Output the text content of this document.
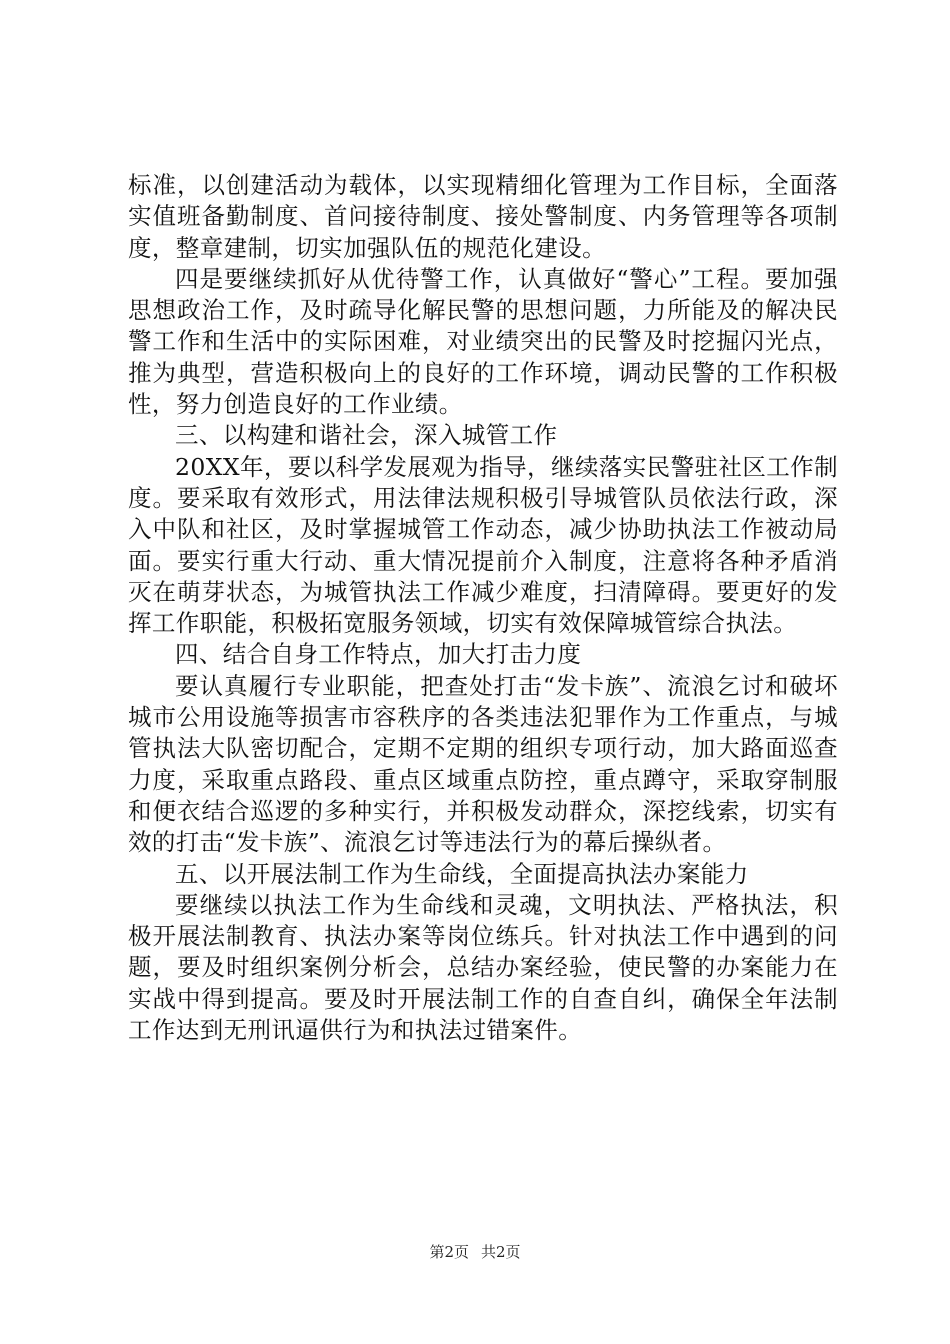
标准，以创建活动为载体，以实现精细化管理为工作目标，全面落实值班备勤制度、首问接待制度、接处警制度、内务管理等各项制度，整章建制，切实加强队伍的规范化建设。

四是要继续抓好从优待警工作，认真做好“警心”工程。要加强思想政治工作，及时疏导化解民警的思想问题，力所能及的解决民警工作和生活中的实际困难，对业绩突出的民警及时挖掘闪光点，推为典型，营造积极向上的良好的工作环境，调动民警的工作积极性，努力创造良好的工作业绩。

三、以构建和谐社会，深入城管工作

20XX年，要以科学发展观为指导，继续落实民警驻社区工作制度。要采取有效形式，用法律法规积极引导城管队员依法行政，深入中队和社区，及时掌握城管工作动态，减少协助执法工作被动局面。要实行重大行动、重大情况提前介入制度，注意将各种矛盾消灭在萌芽状态，为城管执法工作减少难度，扫清障碍。要更好的发挥工作职能，积极拓宽服务领域，切实有效保障城管综合执法。

四、结合自身工作特点，加大打击力度

要认真履行专业职能，把查处打击“发卡族”、流浪乞讨和破坏城市公用设施等损害市容秩序的各类违法犯罪作为工作重点，与城管执法大队密切配合，定期不定期的组织专项行动，加大路面巡查力度，采取重点路段、重点区域重点防控，重点蹲守，采取穿制服和便衣结合巡逻的多种实行，并积极发动群众，深挖线索，切实有效的打击“发卡族”、流浪乞讨等违法行为的幕后操纵者。

五、以开展法制工作为生命线，全面提高执法办案能力

要继续以执法工作为生命线和灵魂，文明执法、严格执法，积极开展法制教育、执法办案等岗位练兵。针对执法工作中遇到的问题，要及时组织案例分析会，总结办案经验，使民警的办案能力在实战中得到提高。要及时开展法制工作的自查自纠，确保全年法制工作达到无刑讯逼供行为和执法过错案件。

第2页 共2页
